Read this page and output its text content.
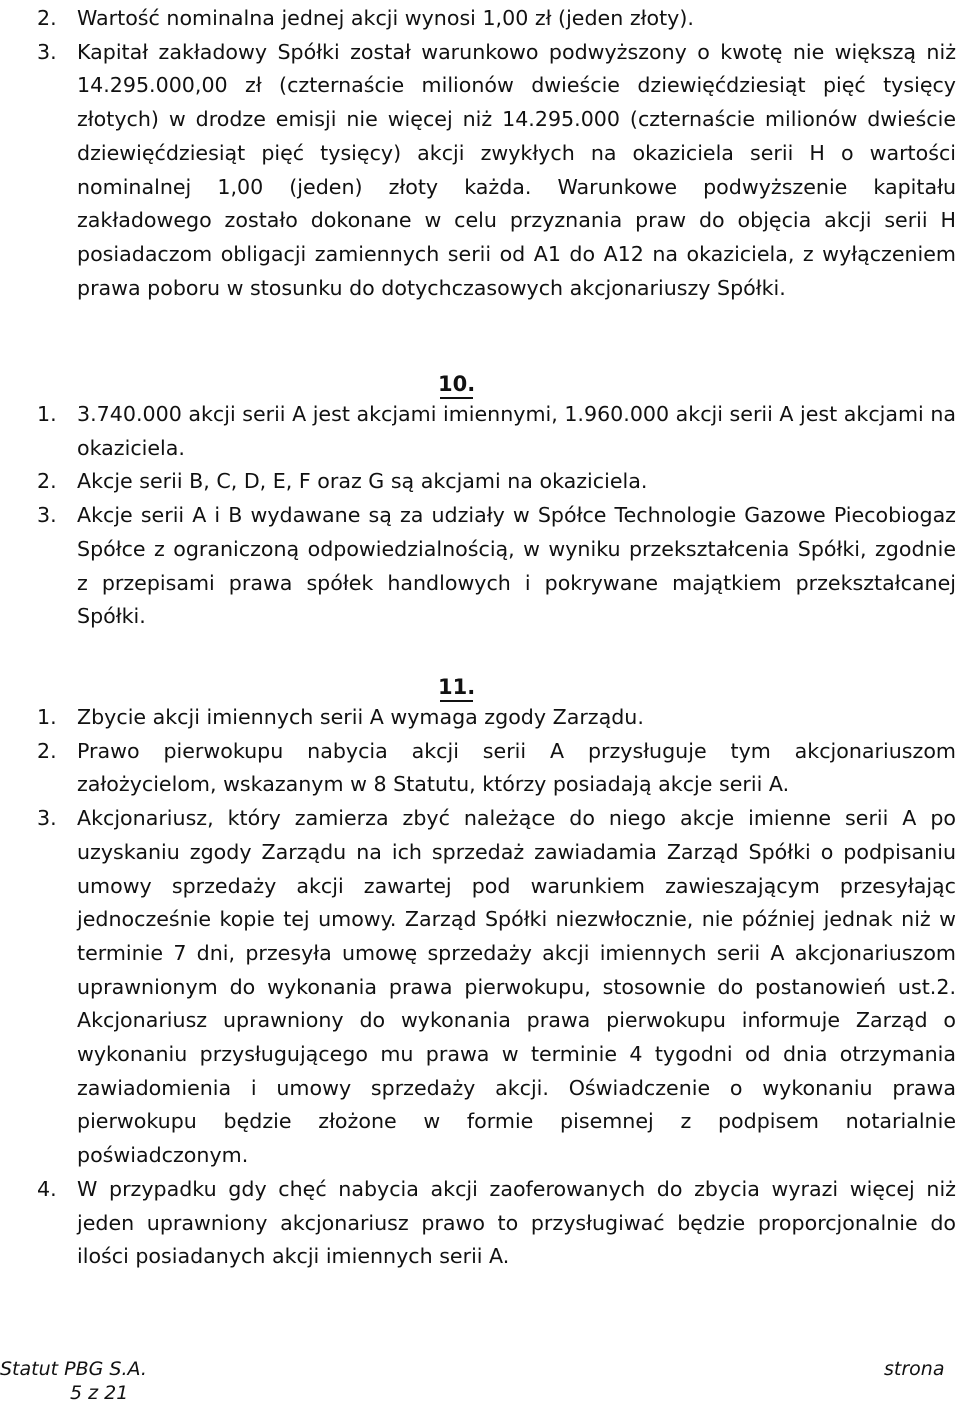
2. Wartość nominalna jednej akcji wynosi 1,00 zł (jeden złoty).

3. Kapitał zakładowy Spółki został warunkowo podwyższony o kwotę nie większą niż 14.295.000,00 zł (czternaście milionów dwieście dziewięćdziesiąt pięć tysięcy złotych) w drodze emisji nie więcej niż 14.295.000 (czternaście milionów dwieście dziewięćdziesiąt pięć tysięcy) akcji zwykłych na okaziciela serii H o wartości nominalnej 1,00 (jeden) złoty każda. Warunkowe podwyższenie kapitału zakładowego zostało dokonane w celu przyznania praw do objęcia akcji serii H posiadaczom obligacji zamiennych serii od A1 do A12 na okaziciela, z wyłączeniem prawa poboru w stosunku do dotychczasowych akcjonariuszy Spółki.

10.

1. 3.740.000 akcji serii A jest akcjami imiennymi, 1.960.000 akcji serii A jest akcjami na okaziciela.

2. Akcje serii B, C, D, E, F oraz G są akcjami na okaziciela.

3. Akcje serii A i B wydawane są za udziały w Spółce Technologie Gazowe Piecobiogaz Spółce z ograniczoną odpowiedzialnością, w wyniku przekształcenia Spółki, zgodnie z przepisami prawa spółek handlowych i pokrywane majątkiem przekształcanej Spółki.

11.

1. Zbycie akcji imiennych serii A wymaga zgody Zarządu.

2. Prawo pierwokupu nabycia akcji serii A przysługuje tym akcjonariuszom założycielom, wskazanym w 8 Statutu, którzy posiadają akcje serii A.

3. Akcjonariusz, który zamierza zbyć należące do niego akcje imienne serii A po uzyskaniu zgody Zarządu na ich sprzedaż zawiadamia Zarząd Spółki o podpisaniu umowy sprzedaży akcji zawartej pod warunkiem zawieszającym przesyłając jednocześnie kopie tej umowy. Zarząd Spółki niezwłocznie, nie później jednak niż w terminie 7 dni, przesyła umowę sprzedaży akcji imiennych serii A akcjonariuszom uprawnionym do wykonania prawa pierwokupu, stosownie do postanowień ust.2. Akcjonariusz uprawniony do wykonania prawa pierwokupu informuje Zarząd o wykonaniu przysługującego mu prawa w terminie 4 tygodni od dnia otrzymania zawiadomienia i umowy sprzedaży akcji. Oświadczenie o wykonaniu prawa pierwokupu będzie złożone w formie pisemnej z podpisem notarialnie poświadczonym.

4. W przypadku gdy chęć nabycia akcji zaoferowanych do zbycia wyrazi więcej niż jeden uprawniony akcjonariusz prawo to przysługiwać będzie proporcjonalnie do ilości posiadanych akcji imiennych serii A.

Statut PBG S.A.
5 z 21
strona
